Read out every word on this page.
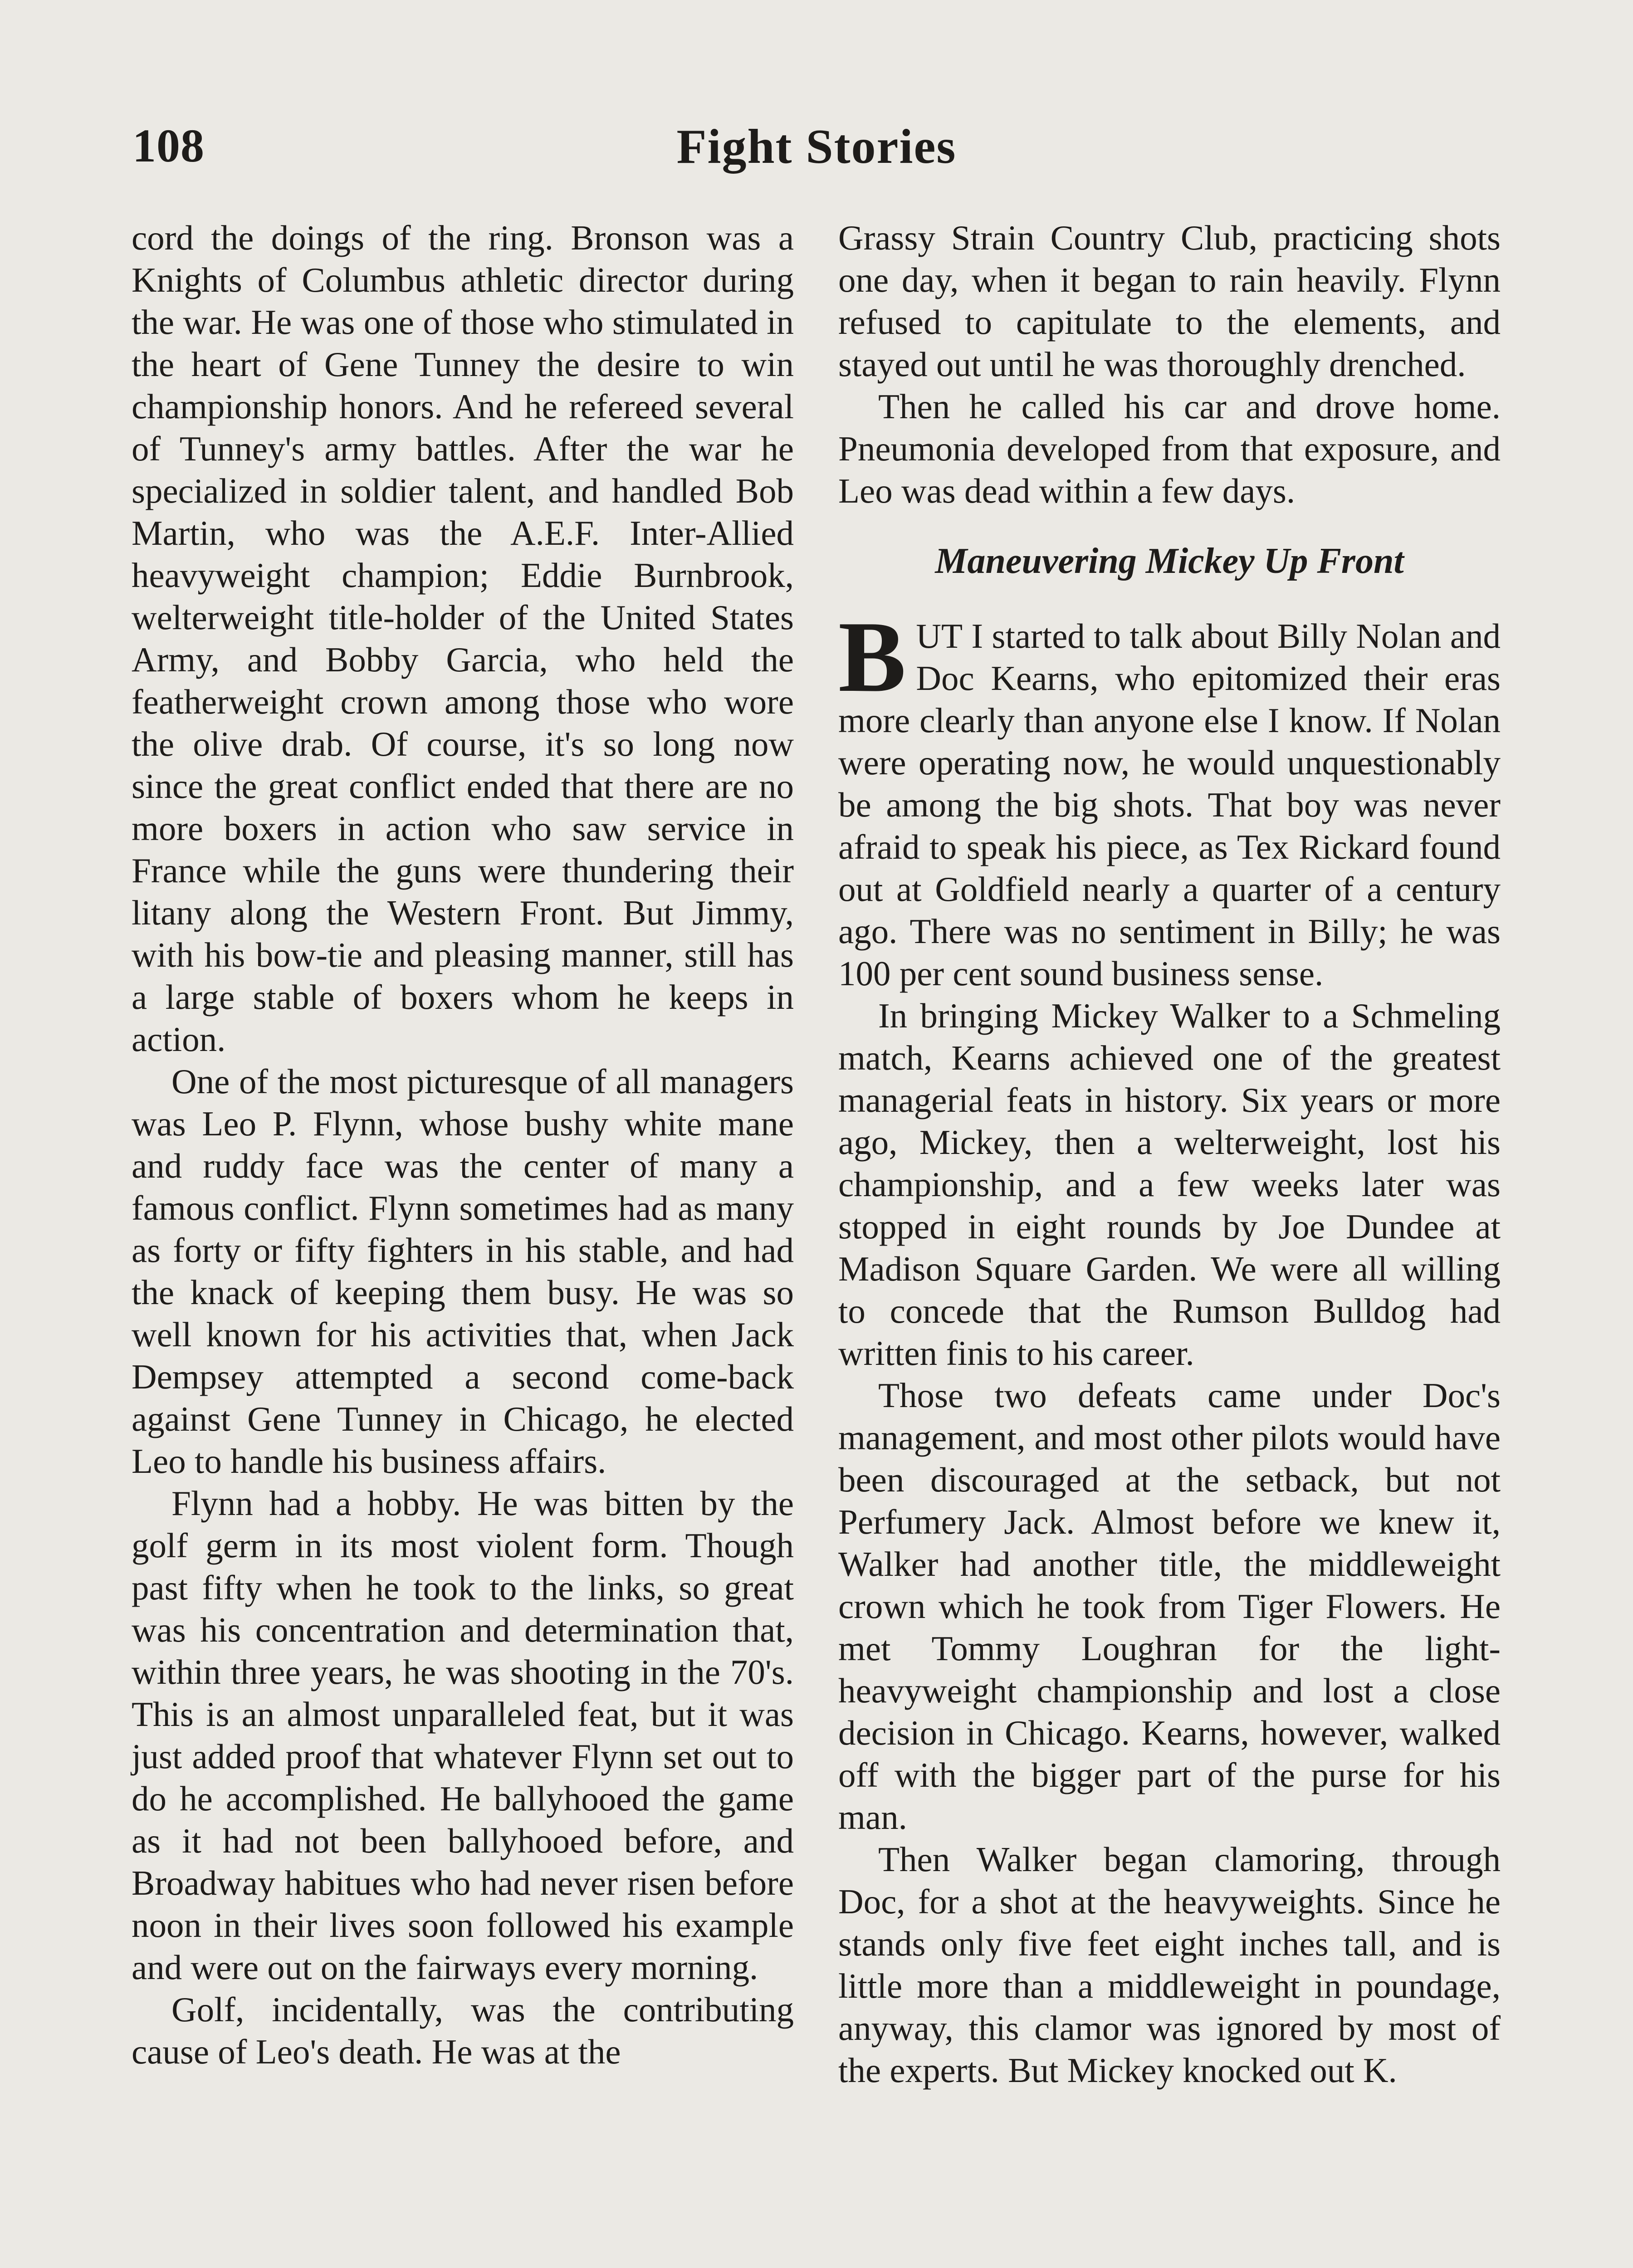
108	Fight Stories

cord the doings of the ring. Bronson was a Knights of Columbus athletic director during the war. He was one of those who stimulated in the heart of Gene Tunney the desire to win championship honors. And he refereed several of Tunney's army battles. After the war he specialized in soldier talent, and handled Bob Martin, who was the A.E.F. Inter-Allied heavyweight champion; Eddie Burnbrook, welterweight title-holder of the United States Army, and Bobby Garcia, who held the featherweight crown among those who wore the olive drab. Of course, it's so long now since the great conflict ended that there are no more boxers in action who saw service in France while the guns were thundering their litany along the Western Front. But Jimmy, with his bow-tie and pleasing manner, still has a large stable of boxers whom he keeps in action.

One of the most picturesque of all managers was Leo P. Flynn, whose bushy white mane and ruddy face was the center of many a famous conflict. Flynn sometimes had as many as forty or fifty fighters in his stable, and had the knack of keeping them busy. He was so well known for his activities that, when Jack Dempsey attempted a second come-back against Gene Tunney in Chicago, he elected Leo to handle his business affairs.

Flynn had a hobby. He was bitten by the golf germ in its most violent form. Though past fifty when he took to the links, so great was his concentration and determination that, within three years, he was shooting in the 70's. This is an almost unparalleled feat, but it was just added proof that whatever Flynn set out to do he accomplished. He ballyhooed the game as it had not been ballyhooed before, and Broadway habitues who had never risen before noon in their lives soon followed his example and were out on the fairways every morning.

Golf, incidentally, was the contributing cause of Leo's death. He was at the

Grassy Strain Country Club, practicing shots one day, when it began to rain heavily. Flynn refused to capitulate to the elements, and stayed out until he was thoroughly drenched.

Then he called his car and drove home. Pneumonia developed from that exposure, and Leo was dead within a few days.

Maneuvering Mickey Up Front

BUT I started to talk about Billy Nolan and Doc Kearns, who epitomized their eras more clearly than anyone else I know. If Nolan were operating now, he would unquestionably be among the big shots. That boy was never afraid to speak his piece, as Tex Rickard found out at Goldfield nearly a quarter of a century ago. There was no sentiment in Billy; he was 100 per cent sound business sense.

In bringing Mickey Walker to a Schmeling match, Kearns achieved one of the greatest managerial feats in history. Six years or more ago, Mickey, then a welterweight, lost his championship, and a few weeks later was stopped in eight rounds by Joe Dundee at Madison Square Garden. We were all willing to concede that the Rumson Bulldog had written finis to his career.

Those two defeats came under Doc's management, and most other pilots would have been discouraged at the setback, but not Perfumery Jack. Almost before we knew it, Walker had another title, the middleweight crown which he took from Tiger Flowers. He met Tommy Loughran for the light-heavyweight championship and lost a close decision in Chicago. Kearns, however, walked off with the bigger part of the purse for his man.

Then Walker began clamoring, through Doc, for a shot at the heavyweights. Since he stands only five feet eight inches tall, and is little more than a middleweight in poundage, anyway, this clamor was ignored by most of the experts. But Mickey knocked out K.
